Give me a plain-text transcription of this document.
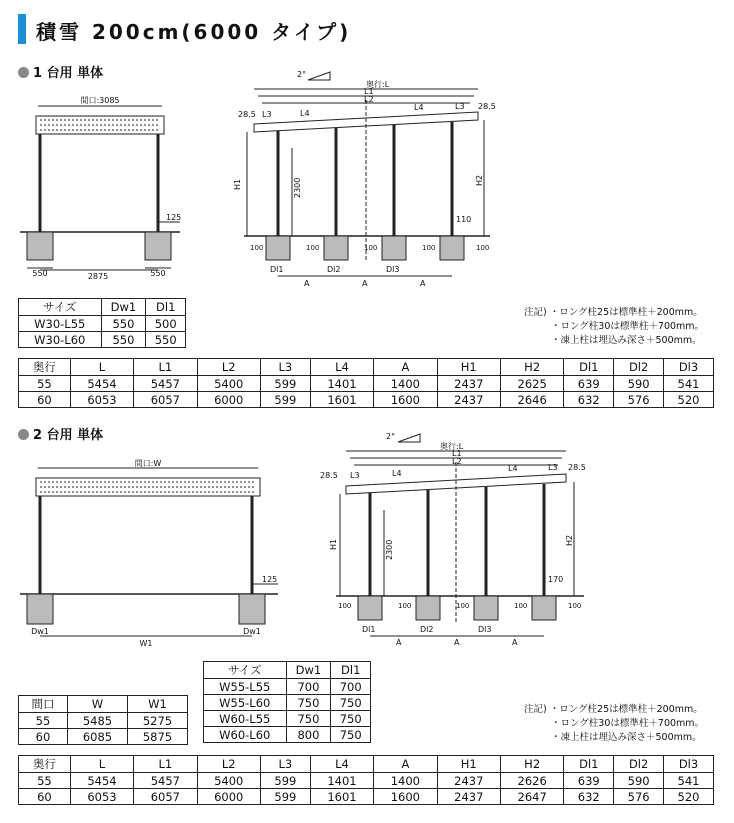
積雪 200cm(6000 タイプ)
1 台用 単体
2 台用 単体
間口:3085
125
550	2875	550
2°
奥行:L
L1
L2
28.5 L3	L4
L4	L3 28.5
H1	2300	H2
110
100	100	100	100	100
Dl1	Dl2	Dl3
A	A	A
間口:W
125
Dw1
W1
Dw1
2°
奥行:L
L1
L2
28.5 L3	L4
L4	L3 28.5
H1	2300	H2
170
100	100	100	100	100
Dl1	Dl2	Dl3
A	A	A
サイズ	Dw1	Dl1
W30-L55	550	500
W30-L60	550	550
注記) ・ロング柱25は標準柱＋200mm。
・ロング柱30は標準柱＋700mm。
・凍上柱は埋込み深さ＋500mm。
奥行	L	L1	L2	L3	L4	A	H1	H2	Dl1	Dl2	Dl3
55	5454	5457	5400	599	1401	1400	2437	2625	639	590	541
60	6053	6057	6000	599	1601	1600	2437	2646	632	576	520
サイズ	Dw1	Dl1
W55-L55	700	700
W55-L60	750	750
W60-L55	750	750
W60-L60	800	750
間口	W	W1
55	5485	5275
60	6085	5875
注記) ・ロング柱25は標準柱＋200mm。
・ロング柱30は標準柱＋700mm。
・凍上柱は埋込み深さ＋500mm。
奥行	L	L1	L2	L3	L4	A	H1	H2	Dl1	Dl2	Dl3
55	5454	5457	5400	599	1401	1400	2437	2626	639	590	541
60	6053	6057	6000	599	1601	1600	2437	2647	632	576	520
